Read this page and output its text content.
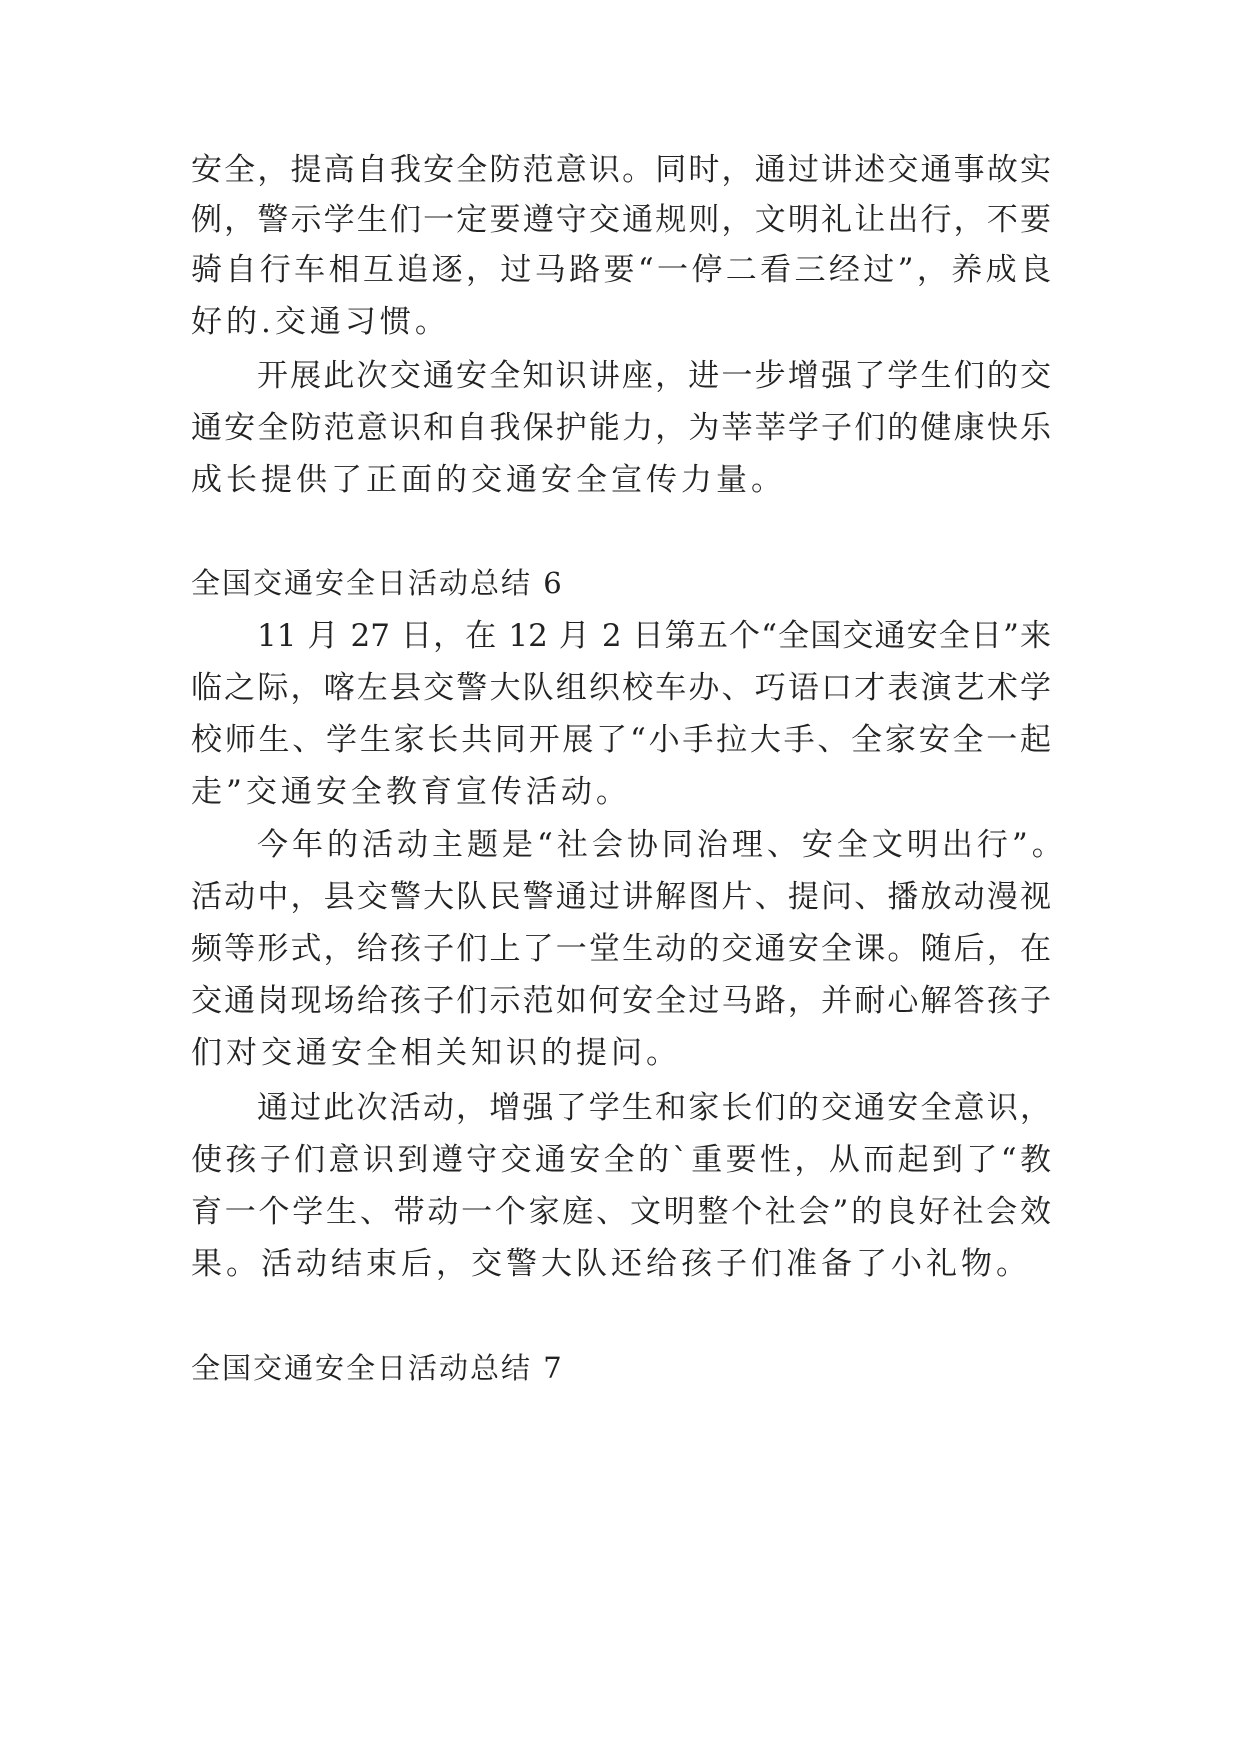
安全，提高自我安全防范意识。同时，通过讲述交通事故实
例，警示学生们一定要遵守交通规则，文明礼让出行，不要
骑自行车相互追逐，过马路要“一停二看三经过”，养成良
好的.交通习惯。
开展此次交通安全知识讲座，进一步增强了学生们的交
通安全防范意识和自我保护能力，为莘莘学子们的健康快乐
成长提供了正面的交通安全宣传力量。
全国交通安全日活动总结 6
11 月 27 日，在 12 月 2 日第五个“全国交通安全日”来
临之际，喀左县交警大队组织校车办、巧语口才表演艺术学
校师生、学生家长共同开展了“小手拉大手、全家安全一起
走”交通安全教育宣传活动。
今年的活动主题是“社会协同治理、安全文明出行”。
活动中，县交警大队民警通过讲解图片、提问、播放动漫视
频等形式，给孩子们上了一堂生动的交通安全课。随后，在
交通岗现场给孩子们示范如何安全过马路，并耐心解答孩子
们对交通安全相关知识的提问。
通过此次活动，增强了学生和家长们的交通安全意识，
使孩子们意识到遵守交通安全的`重要性，从而起到了“教
育一个学生、带动一个家庭、文明整个社会”的良好社会效
果。活动结束后，交警大队还给孩子们准备了小礼物。
全国交通安全日活动总结 7
